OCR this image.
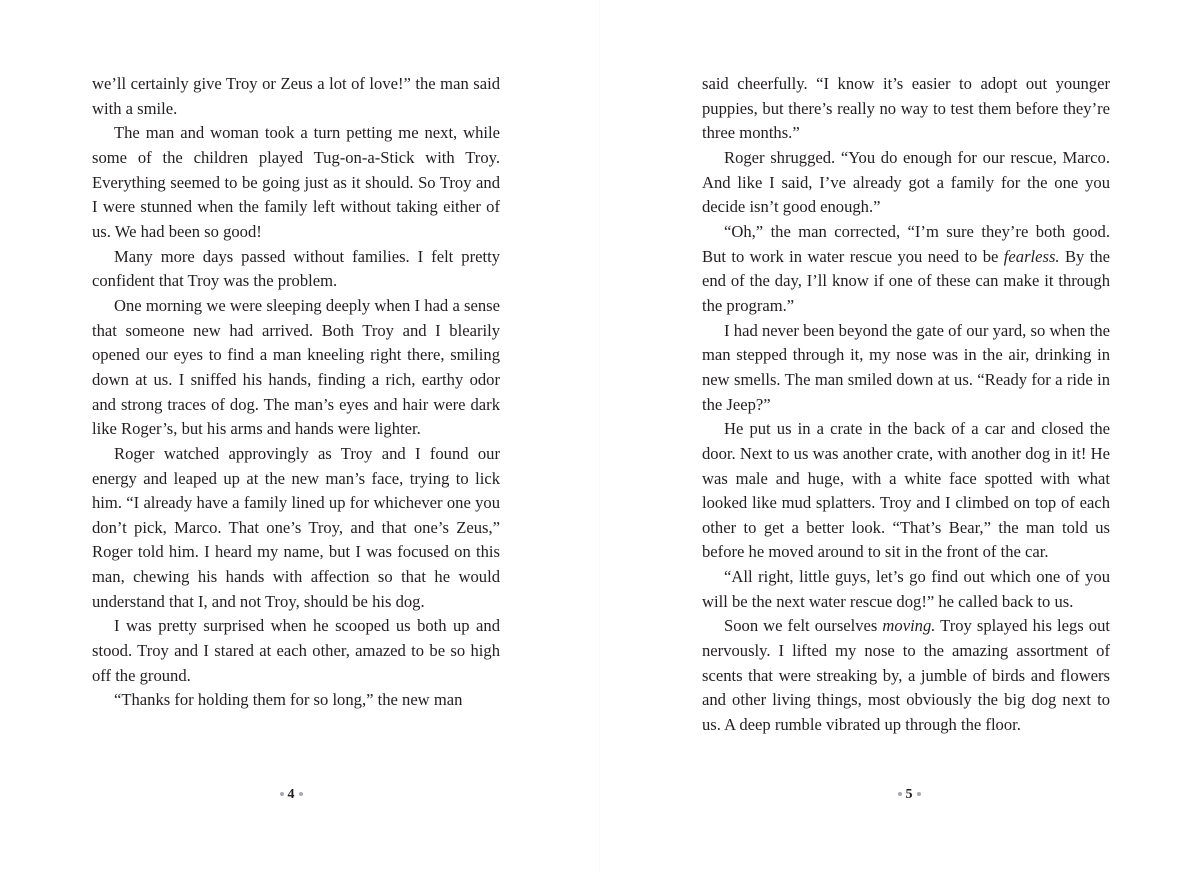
we’ll certainly give Troy or Zeus a lot of love!” the man said with a smile.

The man and woman took a turn petting me next, while some of the children played Tug-on-a-Stick with Troy. Everything seemed to be going just as it should. So Troy and I were stunned when the family left without taking either of us. We had been so good!

Many more days passed without families. I felt pretty confident that Troy was the problem.

One morning we were sleeping deeply when I had a sense that someone new had arrived. Both Troy and I blearily opened our eyes to find a man kneeling right there, smiling down at us. I sniffed his hands, finding a rich, earthy odor and strong traces of dog. The man’s eyes and hair were dark like Roger’s, but his arms and hands were lighter.

Roger watched approvingly as Troy and I found our energy and leaped up at the new man’s face, trying to lick him. “I already have a family lined up for whichever one you don’t pick, Marco. That one’s Troy, and that one’s Zeus,” Roger told him. I heard my name, but I was focused on this man, chewing his hands with affection so that he would understand that I, and not Troy, should be his dog.

I was pretty surprised when he scooped us both up and stood. Troy and I stared at each other, amazed to be so high off the ground.

“Thanks for holding them for so long,” the new man

4

said cheerfully. “I know it’s easier to adopt out younger puppies, but there’s really no way to test them before they’re three months.”

Roger shrugged. “You do enough for our rescue, Marco. And like I said, I’ve already got a family for the one you decide isn’t good enough.”

“Oh,” the man corrected, “I’m sure they’re both good. But to work in water rescue you need to be fearless. By the end of the day, I’ll know if one of these can make it through the program.”

I had never been beyond the gate of our yard, so when the man stepped through it, my nose was in the air, drinking in new smells. The man smiled down at us. “Ready for a ride in the Jeep?”

He put us in a crate in the back of a car and closed the door. Next to us was another crate, with another dog in it! He was male and huge, with a white face spotted with what looked like mud splatters. Troy and I climbed on top of each other to get a better look. “That’s Bear,” the man told us before he moved around to sit in the front of the car.

“All right, little guys, let’s go find out which one of you will be the next water rescue dog!” he called back to us.

Soon we felt ourselves moving. Troy splayed his legs out nervously. I lifted my nose to the amazing assortment of scents that were streaking by, a jumble of birds and flowers and other living things, most obviously the big dog next to us. A deep rumble vibrated up through the floor.

5
